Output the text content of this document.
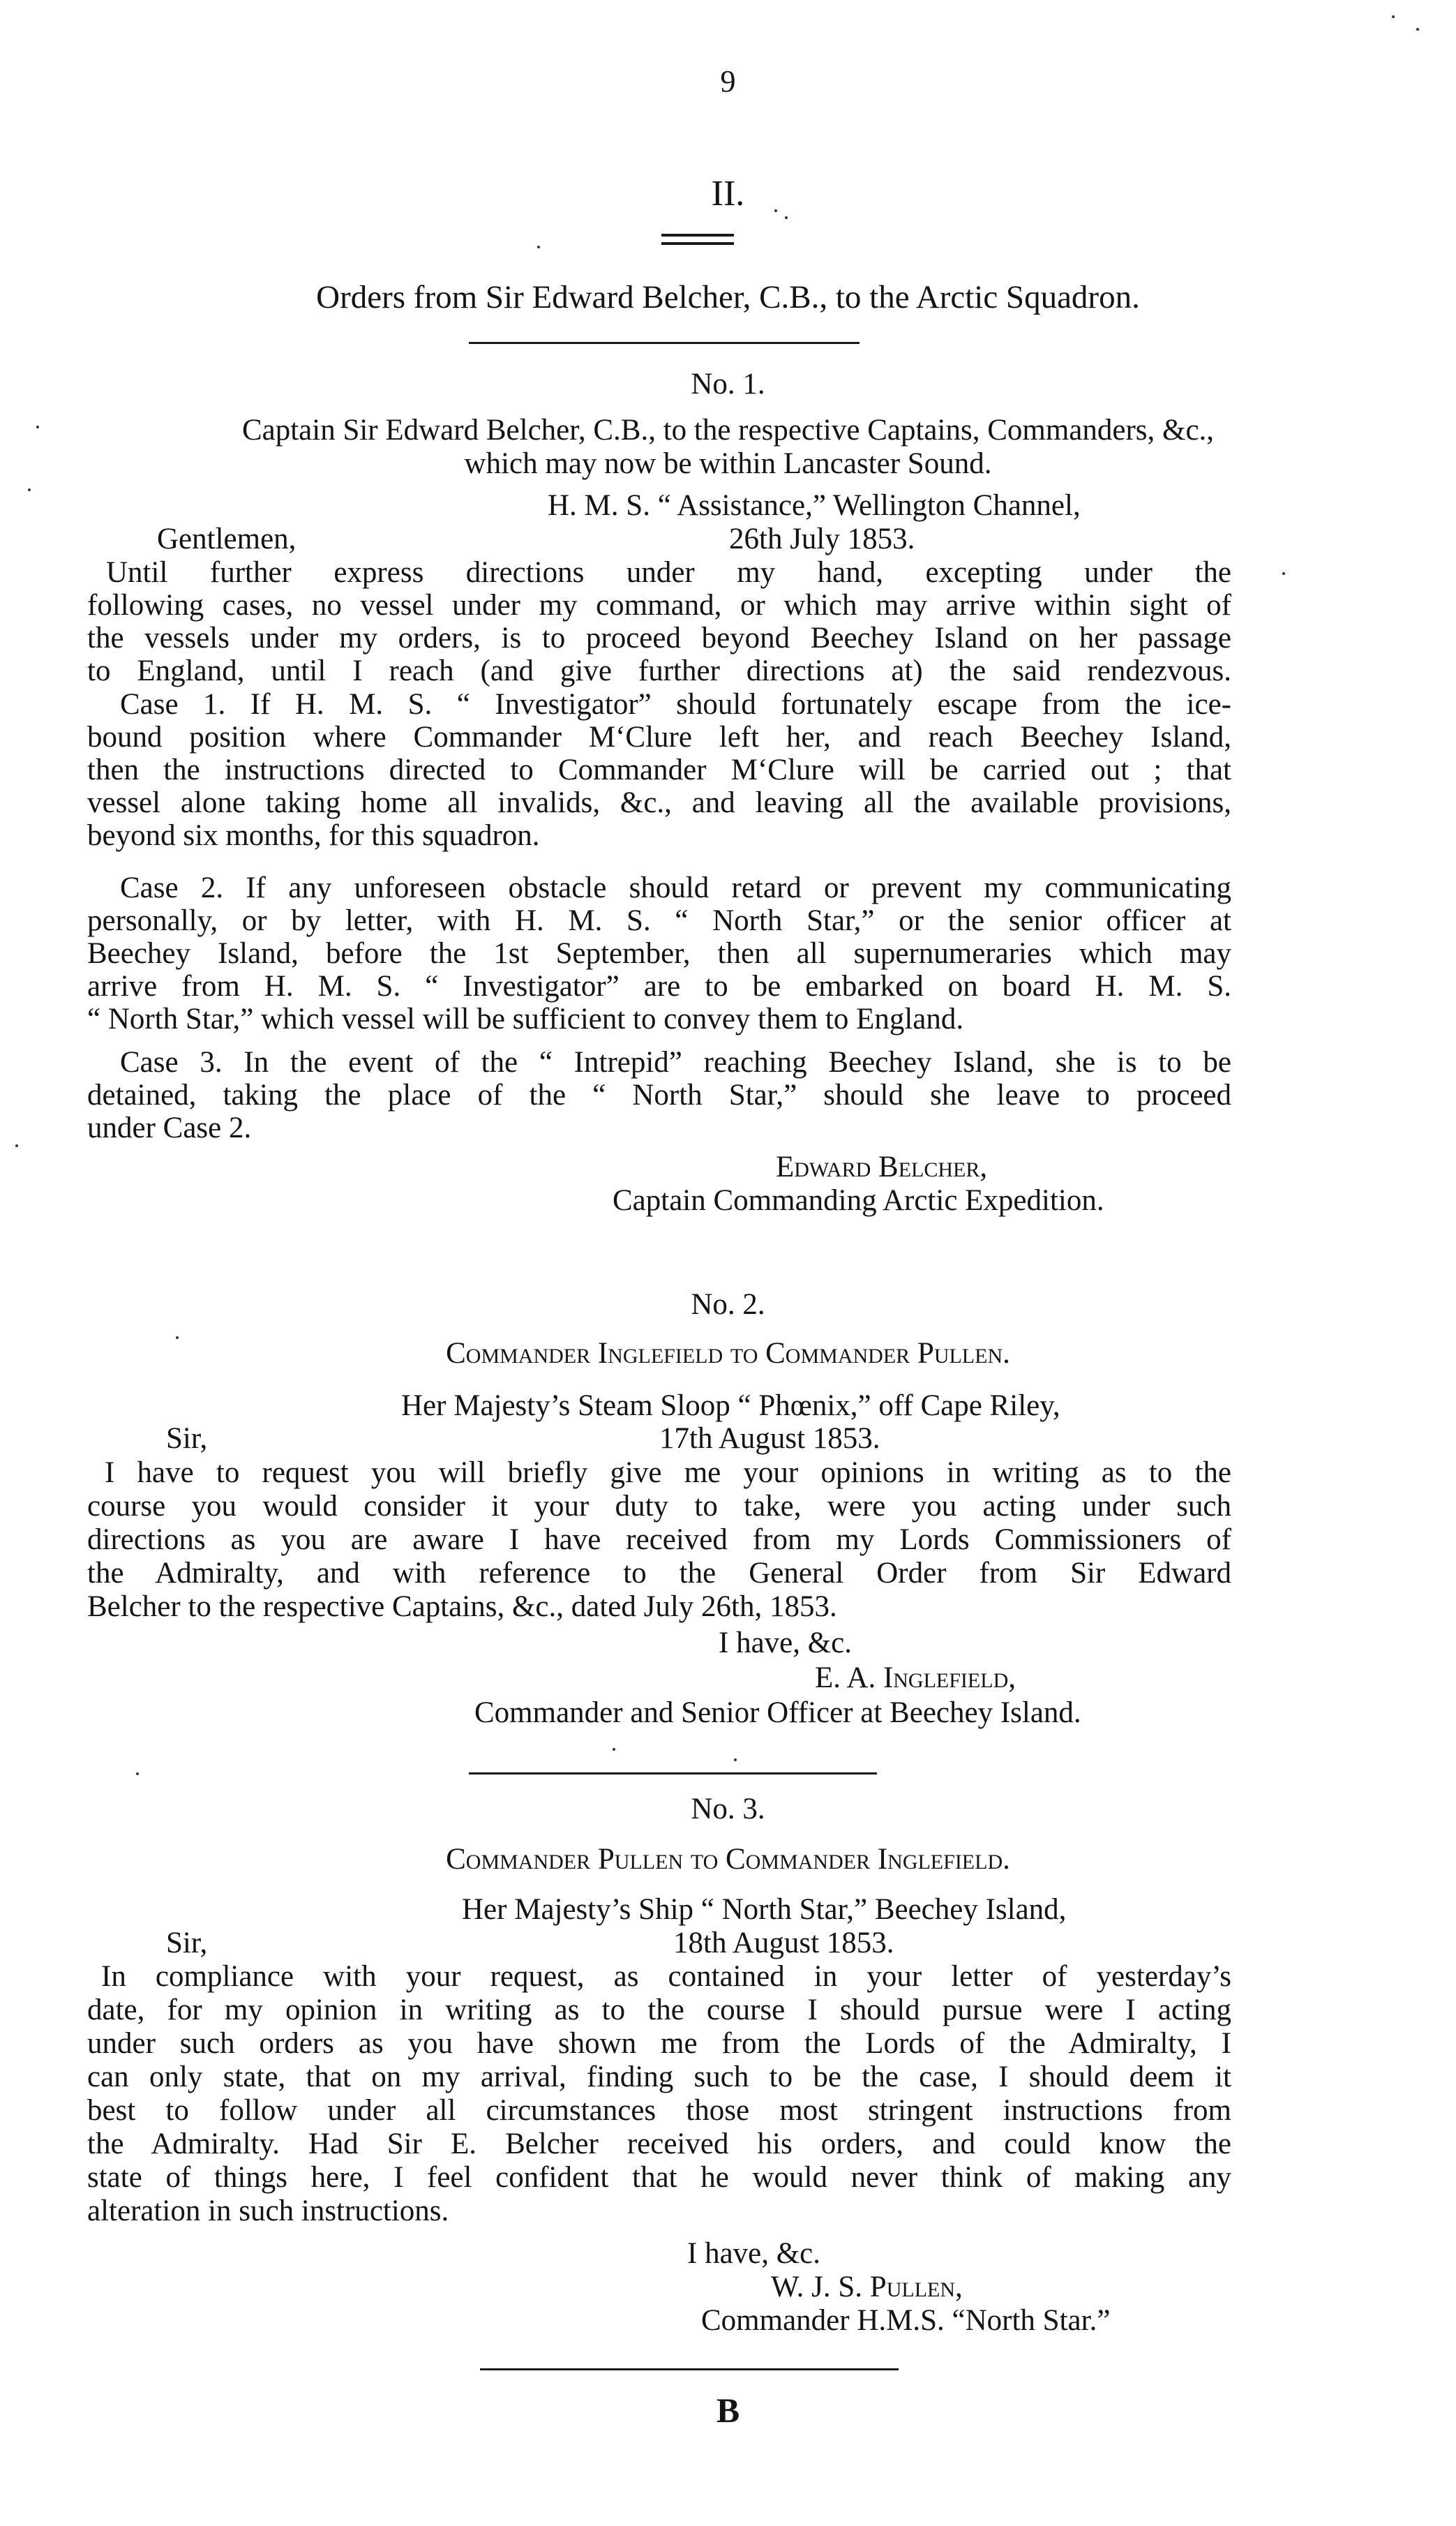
9
II.
Orders from Sir Edward Belcher, C.B., to the Arctic Squadron.
No. 1.
Captain Sir Edward Belcher, C.B., to the respective Captains, Commanders, &c.,
which may now be within Lancaster Sound.
H. M. S. “ Assistance,” Wellington Channel,
Gentlemen,	26th July 1853.
Until further express directions under my hand, excepting under the
following cases, no vessel under my command, or which may arrive within sight of
the vessels under my orders, is to proceed beyond Beechey Island on her passage
to England, until I reach (and give further directions at) the said rendezvous.
Case 1. If H. M. S. “ Investigator” should fortunately escape from the ice-
bound position where Commander M‘Clure left her, and reach Beechey Island,
then the instructions directed to Commander M‘Clure will be carried out ; that
vessel alone taking home all invalids, &c., and leaving all the available provisions,
beyond six months, for this squadron.
Case 2. If any unforeseen obstacle should retard or prevent my communicating
personally, or by letter, with H. M. S. “ North Star,” or the senior officer at
Beechey Island, before the 1st September, then all supernumeraries which may
arrive from H. M. S. “ Investigator” are to be embarked on board H. M. S.
“ North Star,” which vessel will be sufficient to convey them to England.
Case 3. In the event of the “ Intrepid” reaching Beechey Island, she is to be
detained, taking the place of the “ North Star,” should she leave to proceed
under Case 2.
Edward Belcher,
Captain Commanding Arctic Expedition.
No. 2.
Commander Inglefield to Commander Pullen.
Her Majesty’s Steam Sloop “ Phœnix,” off Cape Riley,
Sir,	17th August 1853.
I have to request you will briefly give me your opinions in writing as to the
course you would consider it your duty to take, were you acting under such
directions as you are aware I have received from my Lords Commissioners of
the Admiralty, and with reference to the General Order from Sir Edward
Belcher to the respective Captains, &c., dated July 26th, 1853.
I have, &c.
E. A. Inglefield,
Commander and Senior Officer at Beechey Island.
No. 3.
Commander Pullen to Commander Inglefield.
Her Majesty’s Ship “ North Star,” Beechey Island,
Sir,	18th August 1853.
In compliance with your request, as contained in your letter of yesterday’s
date, for my opinion in writing as to the course I should pursue were I acting
under such orders as you have shown me from the Lords of the Admiralty, I
can only state, that on my arrival, finding such to be the case, I should deem it
best to follow under all circumstances those most stringent instructions from
the Admiralty. Had Sir E. Belcher received his orders, and could know the
state of things here, I feel confident that he would never think of making any
alteration in such instructions.
I have, &c.
W. J. S. Pullen,
Commander H.M.S. “North Star.”
B
